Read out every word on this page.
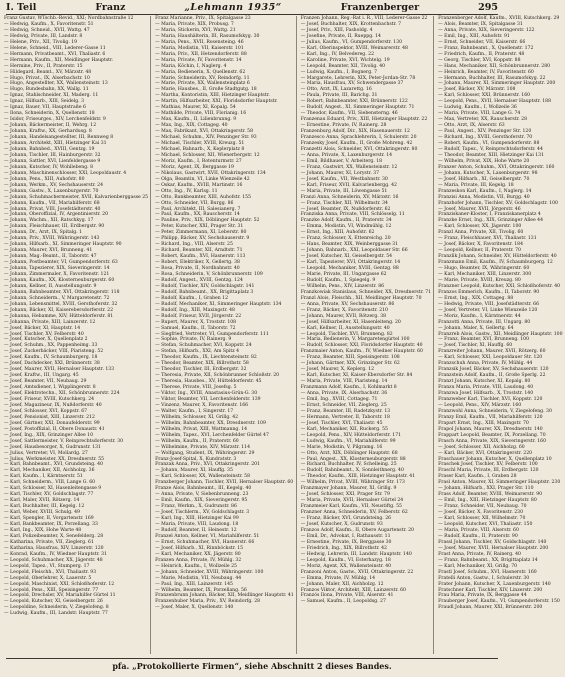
I. Teil	Franz	„Lehmann 1935“	Franzenberger	295
Franz Gustav, WTschb.-Revid., XXI; Nordbahnstraße 12
— Hedwig, Kaufm., X, Favoritenstr. 51
— Hedwig, Schneid., XVII, Wattg. 47
— Hedwig, Private, III, Landstr. 8
— Helene, Priv., XII, Tivolig. 19
— Helene, Schneid., VIII, Lederer-Gasse 11
— Hermann, Privatbeamt., XVI, Thaliastr. 6
— Hermann, Kaufm., XII, Meidlinger Hauptstr.
— Hermine, Priv., II, Praterstr. 15
— Hildegard, Beamt., XV, Märzstr. 48
— Hugo, Privat., IX, Alserbachstr. 10
— Hugo, Angestellter, XX, Wallensteinstr. 13
— Hugo, Bundesbahn, XX, Wallg. 11
— Ignaz, Stahlschneider, XI, Maderg. 11
— Ignaz, Hilfsarb., XIII, Seidelg. 3
— Ignaz, Bauer, VII, Hauptstraße 6
— Ilona, Schneiderin, X, Quellenstr. 18
— Isidor, Friseurges., XIV, Lerchenfeldstr. 9
— Johann, Bäckermeister, II, Wehrg. 12
— Johann, Kraftw., XX, Gerhardusg. 8
— Johann, Handelsangestellter, III, Rennweg 8
— Johann, Architekt, XIII, Hietzinger Kai 31
— Johann, Bahnbed., XVIII, Gentzg. 19
— Johann, Tischler, III, Hainburgerstr. 32
— Johann, Sattler, XVI, Lienfeldergasse 9
— Johann, Kutscher, IV, Wohllebeng. 8
— Johann, Maschinenschlosser, XXI, Leopoldaustr. 4
— Johann, Pens., XIII, Auhofstr. 80
— Johann, Werkm., XV, Sechshauserstr. 24
— Johann, Gastw., X, Laxenburgerstr. 70
— Johann, Schuhmachermeister, XVII, Kalvarienberggasse 25
— Johann, Kaufm., VII, Mariahilferstr. 68
— Johann, Privat, VIII, Josefstädterstr. 40
— Johann, Oberoffizial, IV, Argentinierstr. 20
— Johann, Wachm., XII, Ratschkyg. 17
— Johann, Fleischhauer, III, Erdbergstr. 90
— Johann, Dr., Arzt, IX, Spitalg. 1
— Johann, Priv., XVIII, Währingerstr. 143
— Johann, Hilfsarb., XI, Simmeringer Hauptstr. 90
— Johann, Maurer, XVI, Brunneng. 41
— Johann, Mag.-Beamt., II, Taborstr. 47
— Johann, Postbeamter, VI, Gumpendorferstr. 63
— Johann, Tapezierer, XIX, Sieveringerstr. 14
— Johann, Zimmermaler, X, Favoritenstr. 121
— Johann, Kaufm., XX, Klosterneuburgerstr. 60
— Johann, Kellner, II, Ausstellungsstr. 9
— Johann, Bahnbeamter, XVI, Ottakringerstr. 118
— Johann, Schneiderm., V, Margaretenstr. 72
— Johann, Lebensmittel, XVIII, Gersthoferstr. 32
— Johann, Bäcker, XI, Kaiserebersdorferstr. 22
— Johanna, Hebamme, XIV, Hütteldorferstr. 81
— Johanna, Private, XIII, Lainzerstr. 12
— Josef, Bäcker, XI, Hauptstr. 14
— Josef, Tischler, XV, Felberstr. 40
— Josef, Kutscher, X, Quellenplatz 2
— Josef, Schuhm., XX, Pappenheimg. 33
— Josef, Zuckerbäcker, VIII, Piaristeng. 52
— Josef, Kaufm., IV, Schaumburgerg. 18
— Josef, Dachdecker, XXI, Brünnerstr. 38
— Josef, Maurer, XVII, Hernalser Hauptstr. 133
— Josef, Kraftw., III, Ungarg. 45
— Josef, Beamter, VII, Neubaug. 29
— Josef, Amtsdiener, I, Wipplingerstr. 8
— Josef, Elektrotechn., XII, Schönbrunnerstr. 224
— Josef, Friseur, XVIII, Kutschkerg. 24
— Josef, Magazineur, IX, Nußdorferstr. 40
— Josef, Schlosser, XVI, Koppstr. 67
— Josef, Pensionist, XIII, Linzerstr. 212
— Josef, Gärtner, XXI, Donaufelderstr. 99
— Josef, Postoffizial, II, Obere Donaustr. 41
— Josef, Ing., XIX, Grinzinger Allee 10
— Josef, Sattlermeister, V, Reinprechtsdorferstr. 30
— Josef, Hausbesorger, X, Gudrunstr. 131
— Julius, Vertreter, VI, Mollardg. 27
— Julius, Werkmeister, XX, Dresdnerstr. 55
— Karl, Bahnbeamt., XVI, Grundsteing. 40
— Karl, Mechaniker, XII, Aichholzg. 36
— Karl, Kaufm., I, Kärntnerstr. 51
— Karl, Schneiderm., VIII, Lange G. 60
— Karl, Schlosser, XI, Hasenleitengasse 9
— Karl, Tischler, XV, Goldschlagstr. 77
— Karl, Maler, XVII, Rötzerg. 14
— Karl, Buchhalter, III, Kegelg. 12
— Karl, Weber, XVIII, Schulg. 49
— Karl, Spengler, II, Vorgartenstr. 169
— Karl, Bankbeamter, IX, Porzellang. 33
— Karl, Ing., XIX, Hohe Warte 48
— Karl, Polizeibeamter, X, Senefelderg. 28
— Katharina, Private, VII, Zieglerg. 61
— Katharina, Hausfrau, XIV, Linzerstr. 120
— Konrad, Kaufm., IV, Wiedner Hauptstr. 31
— Leopold, Schuhmacher, XX, Jägerstr. 48
— Leopold, Tapez., VI, Stumperg. 17
— Leopold, Fleischh., XVI, Thaliastr. 93
— Leopold, Oberlehrer, X, Laaerstr. 5
— Leopold, Maschinist, XXI, Schloßhoferstr. 12
— Leopold, Pens., XIII, Speisingerstr. 77
— Leopold, Drechsler, XV, Mariahilfer Gürtel 11
— Leopold, Kutscher, XI, Geiselbergstr. 26
— Leopoldine, Schneiderin, V, Ziegelofeng. 8
— Ludwig, Kaufm., III, Landstr. Hauptstr. 77
Franz Marianne, Priv., IX, Spitalgasse 23
— Maria, Private, XIX, Probusg. 7
— Maria, Stickerin, XVI, Wattg. 21
— Maria, Haushälterin, III, Rasumofskyg. 30
— Maria, Pens., XVII, Rosensteing. 46
— Maria, Modistin, VII, Kaiserstr. 101
— Maria, Priv., XII, Hetzendorferstr. 88
— Maria, Private, IV, Favoritenstr. 14
— Maria, Köchin, I, Naglerg. 4
— Maria, Bedienerin, X, Quellenstr. 62
— Marie, Schneiderin, XV, Reindorfg. 11
— Marie, Private, XX, Wallensteinplatz 6
— Marie, Hausbes., II, Große Stadtgutg. 18
— Martha, Kontoristin, XIII, Hietzinger Hauptstr.
— Martin, Hilfsarbeiter, XXI, Floridsdorfer Hauptstr.
— Mathias, Maurer, XI, Kopalg. 54
— Mathilde, Private, VIII, Florianig. 16
— Max, Kaufm., II, Lilienbrunng. 9
— Max, Ing., XIX, Cottageg. 40
— Max, Fabrikant, XVI, Ottakringerstr. 58
— Michael, Schuhm., XIV, Penzinger Str. 93
— Michael, Tischler, XVIII, Kreuzg. 51
— Michael, Bahnarb., X, Keplerplatz 8
— Michael, Schlosser, XII, Wienerbergstr. 12
— Moriz, Kaufm., I, Rotenturmstr. 27
— Moriz, Agent, IX, Berggasse 19
— Nikolaus, Gastwirt, XVII, Ottakringerstr. 134
— Olga, Beamtin, VI, Linke Wienzeile 42
— Oskar, Kaufm., XVIII, Martinstr. 16
— Otto, Ing., IV, Karlsg. 11
— Otto, Bankbeamter, XIII, Auhofstr. 155
— Otto, Schneider, VII, Burgg. 86
— Paul, Architekt, III, Salesianerg. 7
— Paul, Kaufm., XX, Rauscherstr. 14
— Pauline, Priv., XIX, Döblinger Hauptstr. 52
— Peter, Kutscher, XXI, Prager Str. 31
— Peter, Zimmermann, XI, Leberstr. 80
— Philipp, Bäcker, XV, Sechshauserstr. 9
— Richard, Ing., VIII, Alserstr. 25
— Richard, Beamter, XII, Arndtstr. 71
— Robert, Kaufm., XVI, Hasnerstr. 113
— Robert, Elektriker, X, Gellertg. 38
— Rosa, Private, II, Nordbahnstr. 40
— Rosa, Schneiderin, V, Schönbrunnerstr. 109
— Rudolf, Angest., XVIII, Gentzg. 124
— Rudolf, Tischler, XIV, Goldschlagstr. 141
— Rudolf, Bahnbeamt., XX, Brigittaplatz 3
— Rudolf, Kaufm., I, Graben 12
— Rudolf, Mechaniker, XI, Simmeringer Hauptstr. 134
— Rudolf, Ing., XIII, Maxingstr. 48
— Rudolf, Friseur, XVII, Jörgerstr. 22
— Rupert, Maurer, X, Troststr. 108
— Samuel, Kaufm., II, Taborstr. 72
— Siegfried, Vertreter, VI, Gumpendorferstr. 111
— Sophie, Private, IV, Rainerg. 9
— Stefan, Schuhmacher, XVI, Koppstr. 24
— Stefan, Hilfsarb., XXI, Am Spitz 4
— Theodor, Kaufm., IX, Liechtensteinstr. 82
— Theodor, Beamter, XIX, Billrothstr. 58
— Theodor, Tischler, III, Erdbergstr. 32
— Theresia, Private, XII, Schönbrunner Schloßstr. 20
— Theresia, Hausbes., XV, Hütteldorferstr. 45
— Therese, Private, VIII, Josefsg. 5
— Viktor, Ing., XVIII, Anastasius-Grün-G. 30
— Viktor, Beamter, VII, Lerchenfelderstr. 139
— Vinzenz, Maurer, X, Favoritenstr. 166
— Walter, Kaufm., I, Singerstr. 17
— Wilhelm, Schlosser, XI, Grillg. 42
— Wilhelm, Bahnbeamter, XX, Dresdnerstr. 109
— Wilhelm, Privat, XIII, Wattmanng. 14
— Wilhelm, Tapez., XVI, Lerchenfelder Gürtel 47
— Wilhelm, Kaufm., II, Praterstr. 60
— Wilhelmine, Private, XIV, Märzstr. 114
— Wolfgang, Student, IX, Währingerstr. 29
Franz-Josef-Spital, X, Kundratstr. 3
Franzak Anna, Priv., XVI, Ottakringerstr. 201
— Johann, Maurer, XI, Hauffg. 35
— Karl, Schlosser, XX, Wallensteinstr. 58
Franzberger Johann, Tischler, XVII, Hernalser Hauptstr. 60
Franze Alois, Bahnbeamt., III, Kegelg. 40
— Anna, Private, V, Siebenbrunneng. 23
— Emil, Kaufm., XIX, Sieveringerstr. 95
— Franz, Werkm., X, Gudrunstr. 86
— Josef, Tischlerm., XV, Goldschlagstr. 3
— Karl, Ing., XIII, Hietzinger Kai 99
— Maria, Private, VIII, Laudong. 18
— Rudolf, Beamter, II, Heinestr. 12
Franzel Anton, Kellner, VI, Mariahilferstr. 51
— Ernst, Schuhmacher, XVI, Hasnerstr. 66
— Josef, Hilfsarb., XI, Rinnböckstr. 15
— Karl, Mechaniker, XX, Jägerstr. 80
Franzen Anna, Private, IV, Mühlg. 32
— Heinrich, Kaufm., I, Wollzeile 25
— Johann, Schneider, XVIII, Währingerstr. 100
— Marie, Modistin, VII, Neubaug. 44
— Paul, Ing., XIII, Lainzerstr. 145
— Wilhelm, Beamter, IX, Porzellang. 56
Franzenbrunn Johann, Bäcker, XII, Meidlinger Hauptstr. 41
Franzenhuber Maria, Priv., XV, Reindorfg. 28
— Josef, Maler, X, Quellenstr. 140
Franzen Johann, Reg.-Rat i. R., VIII, Lederer-Gasse 22
— Josef, Buchhalter, XIX, Krottenbachstr. 7
— Josef, Priv., XIII, Fasholdg. 4
— Josefine, Private, II, Rueppg. 14
— Julius, Kaufm., VI, Gumpendorferstr. 130
— Karl, Oberinspektor, XVIII, Weimarerstr. 48
— Karl, Ing., IV, Belvedereg. 22
— Karoline, Private, XVI, Wichtelg. 19
— Leopold, Beamter, XII, Tivolig. 40
— Ludwig, Kaufm., I, Bognerg. 7
— Margarete, Lehrerin, XIX, Peter-Jordan-Str. 78
— Maria, Hausfrau, XV, Schwendergasse 37
— Otto, Arzt, IX, Lazarettg. 16
— Paula, Private, III, Barichg. 31
— Robert, Bahnbeamter, XXI, Brünnerstr. 122
— Rudolf, Angest., XI, Simmeringer Hauptstr. 71
— Theodor, Kaufm., VII, Siebensterng. 46
Franzenau Eduard, Priv., XIII, Hietzinger Hauptstr. 22
— Ernestine, Private, IV, Rainerg. 28
Franzenburg Adolf, Dir., XIX, Hasenauerstr. 12
Franzesco Anna, Sprachlehrerin, I, Schulerstr. 20
Franzesky Josef, Kaufm., II, Große Mohreng. 42
Franzetti Alois, Schneider, XVI, Ottakringerstr. 80
— Anna, Private, X, Laxenburgerstr. 14
— Emil, Bildhauer, V, Arbeiterg. 18
— Franz, Gastwirt, XX, Wallensteinstr. 12
— Johann, Maurer, XI, Lorystr. 37
— Josef, Kaufm., VII, Westbahnstr. 30
— Karl, Friseur, XVII, Kalvarienbergg. 42
— Maria, Private, III, Löwengasse 51
Franzi Anna, Schneiderin, XV, Märzstr. 16
— Franz, Tischler, XII, Wilhelmstr. 34
— Josef, Beamter, IX, Nußdorferstr. 62
Franziska Anna, Private, VIII, Schlösselg. 11
Franzke Adolf, Kaufm., II, Praterstr. 34
— Emma, Modistin, VI, Windmühlg. 12
— Ernst, Ing., XIII, Auhofstr. 62
— Franz, Schlosser, X, Ettenreichg. 20
— Hans, Beamter, XIX, Weinberggasse 31
— Johann, Bahnarb., XXI, Leopoldauer Str. 66
— Josef, Kutscher, XI, Geiselbergstr. 54
— Karl, Tapezierer, XVI, Ottakringerstr. 14
— Leopold, Mechaniker, XVIII, Gentzg. 88
— Marie, Private, III, Ungargasse 62
— Rudolf, Kaufm., I, Spiegelg. 9
— Wilhelm, Pens., XIV, Linzerstr. 86
Franzkowiak Stanislaus, Schneider, XX, Dresdnerstr. 71
Franzl Alois, Fleischh., XII, Meidlinger Hauptstr. 70
— Anna, Private, XV, Sechshauserstr. 86
— Franz, Bäcker, X, Favoritenstr. 210
— Johann, Maurer, XVII, Rötzerg. 38
— Josef, Hilfsarbeiter, XI, Hasenleiteng. 20
— Karl, Kellner, II, Ausstellungsstr. 40
— Leopold, Tischler, XVI, Brunneng. 82
— Maria, Bedienerin, V, Margaretengürtel 100
— Rudolf, Schlosser, XXI, Floridsdorfer Hauptstr. 40
Franzmaier Anton, Kaufm., IV, Wiedner Hauptstr. 60
— Franz, Beamter, XIII, Speisingerstr. 108
— Johann, Gärtner, XIX, Grinzinger Str. 62
— Josef, Maurer, X, Keplerg. 12
— Karl, Kutscher, XI, Kaiser-Ebersdorfer Str. 84
— Maria, Private, VIII, Piaristeng. 14
Franzmann Adolf, Kaufm., I, Kohlmarkt 8
— Anna, Private, IX, Alserbachstr. 36
— Emil, Ing., XVIII, Cottageg. 71
— Ernst, Schneider, VII, Zieglerg. 25
— Franz, Beamter, III, Radetzkystr. 13
— Hermann, Vertreter, II, Taborstr. 18
— Josef, Tischler, XVI, Thaliastr. 45
— Karl, Mechaniker, XII, Ruckerg. 55
— Leopold, Pens., XIV, Hütteldorferstr. 171
— Ludwig, Kaufm., VI, Mariahilferstr. 99
— Marie, Modistin, V, Pilgramg. 16
— Otto, Arzt, XIX, Döblinger Hauptstr. 68
— Paul, Angest., XX, Klosterneuburgerstr. 88
— Richard, Buchhalter, IV, Schelleing. 25
— Rudolf, Bahnbeamt., X, Sonnleithnerg. 40
— Theodor, Kaufm., XIII, Hietzinger Hauptstr. 41
— Wilhelm, Privat, XVIII, Währinger Str. 173
Franzmayer Johann, Maurer, XI, Grillg. 9
— Josef, Schlosser, XXI, Prager Str. 79
— Maria, Private, XVII, Hernalser Gürtel 24
Franzmeier Karl, Kaufm., VII, Neustiftg. 55
Franzner Anna, Schneiderin, XV, Felberstr. 62
— Franz, Bäcker, XVI, Grundsteing. 26
— Josef, Kutscher, X, Gudrunstr. 93
Franzos Adolf, Kaufm., II, Obere Augartenstr. 20
— Emil, Dr., Advokat, I, Rathausstr. 11
— Ernestine, Private, IX, Berggasse 30
— Friedrich, Ing., XIX, Billrothstr. 42
— Hedwig, Lehrerin, III, Landstr. Hauptstr. 140
— Leopold, Kaufm., VI, Esterhazyg. 18
— Moriz, Agent, XX, Wallensteinstr. 40
Franzoni Anton, Gastw., XVII, Ottakringerstr. 22
— Emma, Private, IV, Mühlg. 14
— Johann, Maler, XII, Aichholzg. 12
Franzos Viktor, Architekt, XIII, Lainzerstr. 60
Franzós Ilona, Private, VIII, Alserstr. 41
— Samuel, Kaufm., II, Leopoldsg. 27
Franzenberger Adolf, Kaufm., XVIII, Kutschkerg. 29
— Alois, Beamter, IX, Spitalgasse 31
— Anna, Private, XIX, Sieveringerstr. 122
— Emil, Ing., XIII, Auhofstr. 91
— Ernst, Schneider, VII, Kaiserstr. 66
— Franz, Bahnbeamt., X, Quellenstr. 172
— Friedrich, Kaufm., II, Praterstr. 48
— Georg, Tischler, XVI, Koppstr. 88
— Hans, Mechaniker, XII, Schönbrunnerstr. 280
— Heinrich, Beamter, IV, Favoritenstr. 60
— Hermann, Buchhalter, III, Rasumofskyg. 22
— Johann, Maurer, XI, Simmeringer Hauptstr. 200
— Josef, Bäcker, XV, Märzstr. 108
— Karl, Schlosser, XXI, Brünnerstr. 160
— Leopold, Pens., XVII, Hernalser Hauptstr. 188
— Ludwig, Kaufm., I, Wollzeile 36
— Maria, Private, VIII, Lange G. 74
— Max, Vertreter, XX, Rauscherstr. 28
— Otto, Arzt, IX, Alserstr. 63
— Paul, Angest., XIV, Penzinger Str. 120
— Richard, Ing., XVIII, Gersthoferstr. 70
— Robert, Kaufm., VI, Gumpendorferstr. 88
— Rudolf, Tapez., V, Reinprechtsdorferstr. 44
— Theodor, Beamter, XIII, Hietzinger Kai 131
— Wilhelm, Privat, XIX, Hohe Warte 20
Franzer Anton, Schuhm., XVI, Ottakringerstr. 160
— Johann, Kutscher, X, Laxenburgerstr. 98
— Josef, Hilfsarb., XI, Geiselbergstr. 70
— Maria, Private, III, Kegelg. 18
Franzeskon Karl, Kaufm., I, Naglerg. 14
Franzisi Anna, Modistin, VII, Burgg. 40
Franzhofer Johann, Tischler, XV, Goldschlagstr. 100
— Josef, Maurer, XVII, Jörgerstr. 46
Franziskaner-Kloster, I, Franziskanerplatz 4
Franzke Ernst, Ing., XIX, Grinzinger Allee 44
— Karl, Schlosser, XX, Jägerstr. 100
Franzl Anna, Private, XII, Tivolig. 60
— Franz, Fleischhauer, XVI, Thaliastr. 131
— Josef, Bäcker, X, Favoritenstr. 184
— Leopold, Kellner, II, Praterstr. 70
Franzlik Johann, Schneider, XV, Hütteldorferstr. 40
Franzmann Emil, Kaufm., IV, Schaumburgerg. 12
— Hugo, Beamter, IX, Währingerstr. 60
— Karl, Mechaniker, XIII, Linzerstr. 300
— Marie, Private, XVIII, Kreuzg. 80
Franzner Leopold, Kutscher, XXI, Schloßhoferstr. 40
Franzos Emmerich, Kaufm., II, Taborstr. 90
— Ernst, Ing., XIX, Cottageg. 88
— Hedwig, Private, VIII, Josefstädterstr. 66
— Josef, Vertreter, VI, Linke Wienzeile 120
— Moriz, Kaufm., I, Kärntnerstr. 44
Franzotti Anna, Private, III, Ungarg. 80
— Johann, Maler, X, Gellertg. 64
Franzreb Alois, Gastw., XII, Meidlinger Hauptstr. 100
— Franz, Beamter, XVI, Brunneng. 100
— Josef, Tischler, XI, Hauffg. 60
Franzreiter Johann, Maurer, XVII, Rötzerg. 60
— Karl, Schlosser, XXI, Leopoldauer Str. 120
Franzschuh Anna, Private, IV, Mühlg. 44
Franzsik Josef, Bäcker, XV, Sechshauserstr. 120
Franzstein Adolf, Kaufm., II, Große Sperlg. 22
Franzt Johann, Kutscher, XI, Kopalg. 80
Franzu Maria, Private, VIII, Laudong. 40
Franzwa Josef, Hilfsarb., X, Troststr. 140
Franzweber Karl, Tischler, XVI, Koppstr. 120
— Leopold, Pens., XIV, Märzstr. 160
Franzwohl Anna, Schneiderin, V, Ziegelofeng. 30
Franzy Emil, Kaufm., VII, Mariahilferstr. 120
Frapart Ernst, Ing., XIII, Maxingstr. 70
Frapol Johann, Maurer, XX, Dresdnerstr. 140
Frappart Leopold, Beamter, IX, Porzellang. 70
Frasch Anna, Private, XIX, Sieveringerstr. 160
— Josef, Schlosser, XII, Aichholzg. 60
— Karl, Bäcker, XVI, Ottakringerstr. 220
Fraschauer Johann, Kutscher, X, Quellenplatz 10
Fraschek Josef, Tischler, XV, Felberstr. 100
Fraschl Maria, Private, III, Erdbergstr. 120
Fraser Karl, Kaufm., I, Graben 28
Frasl Anton, Maurer, XI, Simmeringer Hauptstr. 230
— Johann, Hilfsarb., XXI, Prager Str. 110
Frass Adolf, Beamter, XVIII, Weimarerstr. 90
— Emil, Ing., XIII, Hietzinger Hauptstr. 80
— Franz, Schneider, VII, Neubaug. 70
— Josef, Bäcker, X, Favoritenstr. 230
— Karl, Schlosser, XII, Wilhelmstr. 70
— Leopold, Kutscher, XVI, Thaliastr. 150
— Maria, Private, VIII, Alserstr. 60
— Rudolf, Kaufm., II, Praterstr. 90
Frassl Johann, Tischler, XV, Goldschlagstr. 140
— Josef, Maurer, XVII, Hernalser Hauptstr. 200
Frast Anna, Private, IV, Rainerg. 40
— Franz, Bahnbeamt., XX, Brigittaplatz 14
— Karl, Mechaniker, XI, Grillg. 70
Frastl Josef, Schuhm., XVI, Hasnerstr. 160
Fratelli Anton, Gastw., I, Schulerstr. 30
Frater Johann, Kutscher, X, Laxenburgerstr. 140
Fratschner Karl, Tischler, XIV, Linzerstr. 200
Frau Maria, Private, IX, Berggasse 44
Frauberger Josef, Kaufm., VI, Gumpendorferstr. 150
Fraudl Johann, Maurer, XXI, Brünnerstr. 200
pfa. „Protokollierte Firmen“, siehe Abschnitt 2 dieses Bandes.
